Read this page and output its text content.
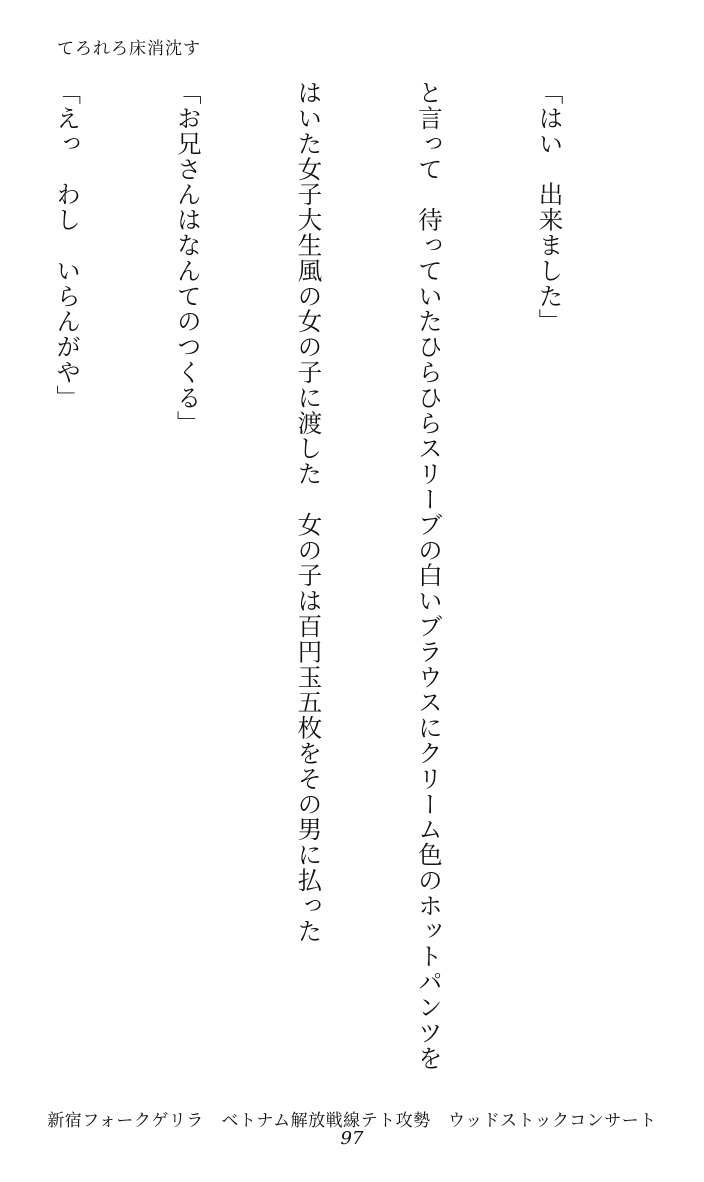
てろれろ床消沈す

「はい　出来ました」

と言って　待っていたひらひらスリーブの白いブラウスにクリーム色のホットパンツを

はいた女子大生風の女の子に渡した　女の子は百円玉五枚をその男に払った

「お兄さんはなんてのつくる」

「えっ　わし　いらんがや」

新宿フォークゲリラ　ベトナム解放戦線テト攻勢　ウッドストックコンサート
97
